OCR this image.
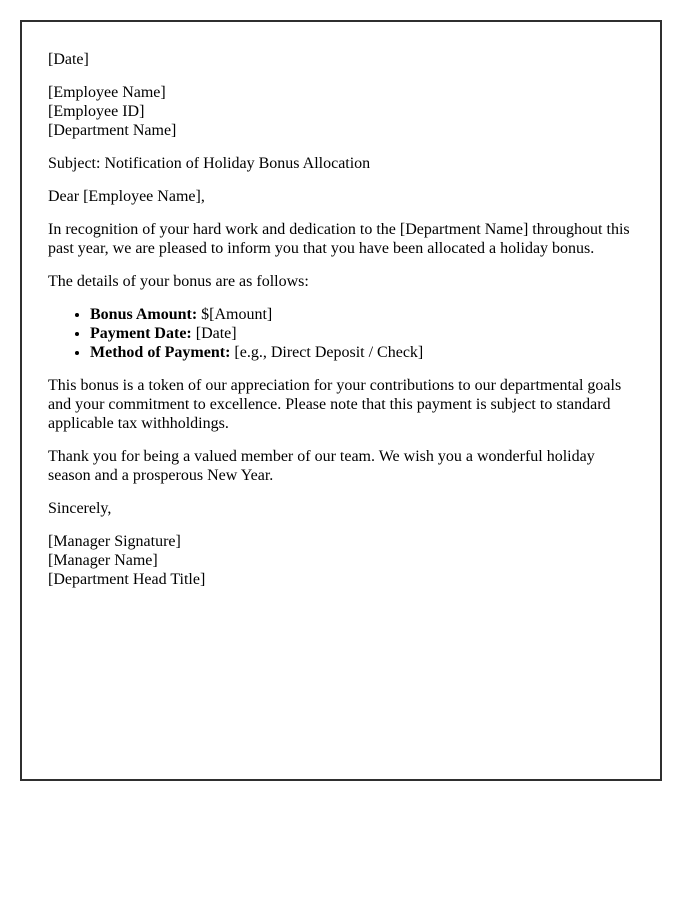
[Date]

[Employee Name]
[Employee ID]
[Department Name]

Subject: Notification of Holiday Bonus Allocation

Dear [Employee Name],

In recognition of your hard work and dedication to the [Department Name] throughout this past year, we are pleased to inform you that you have been allocated a holiday bonus.

The details of your bonus are as follows:

• Bonus Amount: $[Amount]
• Payment Date: [Date]
• Method of Payment: [e.g., Direct Deposit / Check]

This bonus is a token of our appreciation for your contributions to our departmental goals and your commitment to excellence. Please note that this payment is subject to standard applicable tax withholdings.

Thank you for being a valued member of our team. We wish you a wonderful holiday season and a prosperous New Year.

Sincerely,

[Manager Signature]
[Manager Name]
[Department Head Title]
